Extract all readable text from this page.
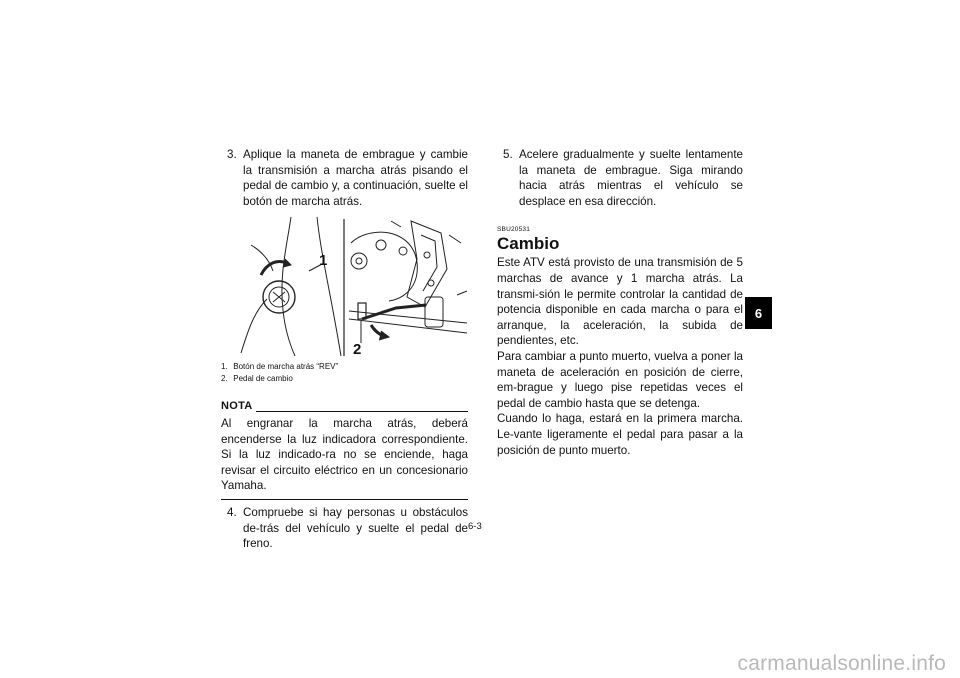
3. Aplique la maneta de embrague y cambie la transmisión a marcha atrás pisando el pedal de cambio y, a continuación, suelte el botón de marcha atrás.

1
2
1. Botón de marcha atrás “REV”
2. Pedal de cambio
NOTA

Al engranar la marcha atrás, deberá encenderse la luz indicadora correspondiente. Si la luz indicado-ra no se enciende, haga revisar el circuito eléctrico en un concesionario Yamaha.

4. Compruebe si hay personas u obstáculos de-trás del vehículo y suelte el pedal de freno.

5. Acelere gradualmente y suelte lentamente la maneta de embrague. Siga mirando hacia atrás mientras el vehículo se desplace en esa dirección.

SBU20531
Cambio

Este ATV está provisto de una transmisión de 5 marchas de avance y 1 marcha atrás. La transmi-sión le permite controlar la cantidad de potencia disponible en cada marcha o para el arranque, la aceleración, la subida de pendientes, etc.

Para cambiar a punto muerto, vuelva a poner la maneta de aceleración en posición de cierre, em-brague y luego pise repetidas veces el pedal de cambio hasta que se detenga.

Cuando lo haga, estará en la primera marcha. Le-vante ligeramente el pedal para pasar a la posición de punto muerto.

6
6-3
carmanualsonline.info
